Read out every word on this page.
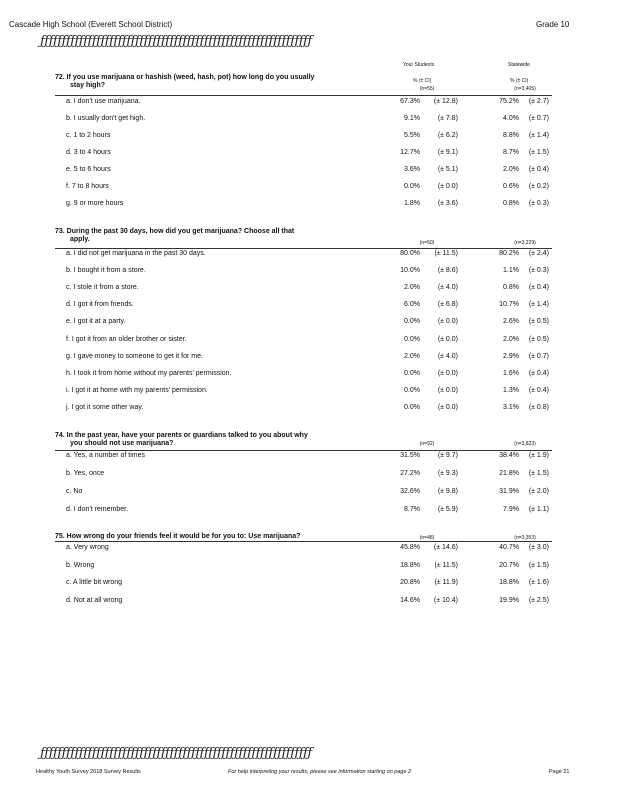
Cascade High School (Everett School District)	Grade 10
ƒƒƒƒƒƒƒƒƒƒƒƒƒƒƒƒƒƒƒƒƒƒƒƒƒƒƒƒƒƒƒƒƒƒƒƒƒƒƒƒƒƒƒƒƒƒƒƒƒƒƒƒƒƒƒƒƒƒƒƒƒƒƒ
Your Students	Statewide
% (± CI)	% (± CI)
72. If you use marijuana or hashish (weed, hash, pot) how long do you usually
stay high?	(n=55)	(n=3,405)
a. I don't use marijuana.	67.3%	(± 12.8)	75.2%	(± 2.7)
b. I usually don't get high.	9.1%	(± 7.8)	4.0%	(± 0.7)
c. 1 to 2 hours	5.5%	(± 6.2)	8.8%	(± 1.4)
d. 3 to 4 hours	12.7%	(± 9.1)	8.7%	(± 1.5)
e. 5 to 6 hours	3.6%	(± 5.1)	2.0%	(± 0.4)
f. 7 to 8 hours	0.0%	(± 0.0)	0.6%	(± 0.2)
g. 9 or more hours	1.8%	(± 3.6)	0.8%	(± 0.3)
73. During the past 30 days, how did you get marijuana? Choose all that
apply.	(n=50)	(n=3,229)
a. I did not get marijuana in the past 30 days.	80.0%	(± 11.5)	80.2%	(± 2.4)
b. I bought it from a store.	10.0%	(± 8.6)	1.1%	(± 0.3)
c. I stole it from a store.	2.0%	(± 4.0)	0.8%	(± 0.4)
d. I got it from friends.	6.0%	(± 6.8)	10.7%	(± 1.4)
e. I got it at a party.	0.0%	(± 0.0)	2.6%	(± 0.5)
f. I got it from an older brother or sister.	0.0%	(± 0.0)	2.0%	(± 0.5)
g. I gave money to someone to get it for me.	2.0%	(± 4.0)	2.9%	(± 0.7)
h. I took it from home without my parents' permission.	0.0%	(± 0.0)	1.6%	(± 0.4)
i. I got it at home with my parents' permission.	0.0%	(± 0.0)	1.3%	(± 0.4)
j. I got it some other way.	0.0%	(± 0.0)	3.1%	(± 0.8)
74. In the past year, have your parents or guardians talked to you about why
you should not use marijuana?	(n=92)	(n=3,823)
a. Yes, a number of times	31.5%	(± 9.7)	38.4%	(± 1.9)
b. Yes, once	27.2%	(± 9.3)	21.8%	(± 1.5)
c. No	32.6%	(± 9.8)	31.9%	(± 2.0)
d. I don't remember.	8.7%	(± 5.9)	7.9%	(± 1.1)
75. How wrong do your friends feel it would be for you to: Use marijuana?	(n=48)	(n=3,353)
a. Very wrong	45.8%	(± 14.6)	40.7%	(± 3.0)
b. Wrong	18.8%	(± 11.5)	20.7%	(± 1.5)
c. A little bit wrong	20.8%	(± 11.9)	18.8%	(± 1.6)
d. Not at all wrong	14.6%	(± 10.4)	19.9%	(± 2.5)
ƒƒƒƒƒƒƒƒƒƒƒƒƒƒƒƒƒƒƒƒƒƒƒƒƒƒƒƒƒƒƒƒƒƒƒƒƒƒƒƒƒƒƒƒƒƒƒƒƒƒƒƒƒƒƒƒƒƒƒƒƒƒƒ
Healthy Youth Survey 2018 Survey Results	For help interpreting your results, please see information starting on page 2	Page 21
